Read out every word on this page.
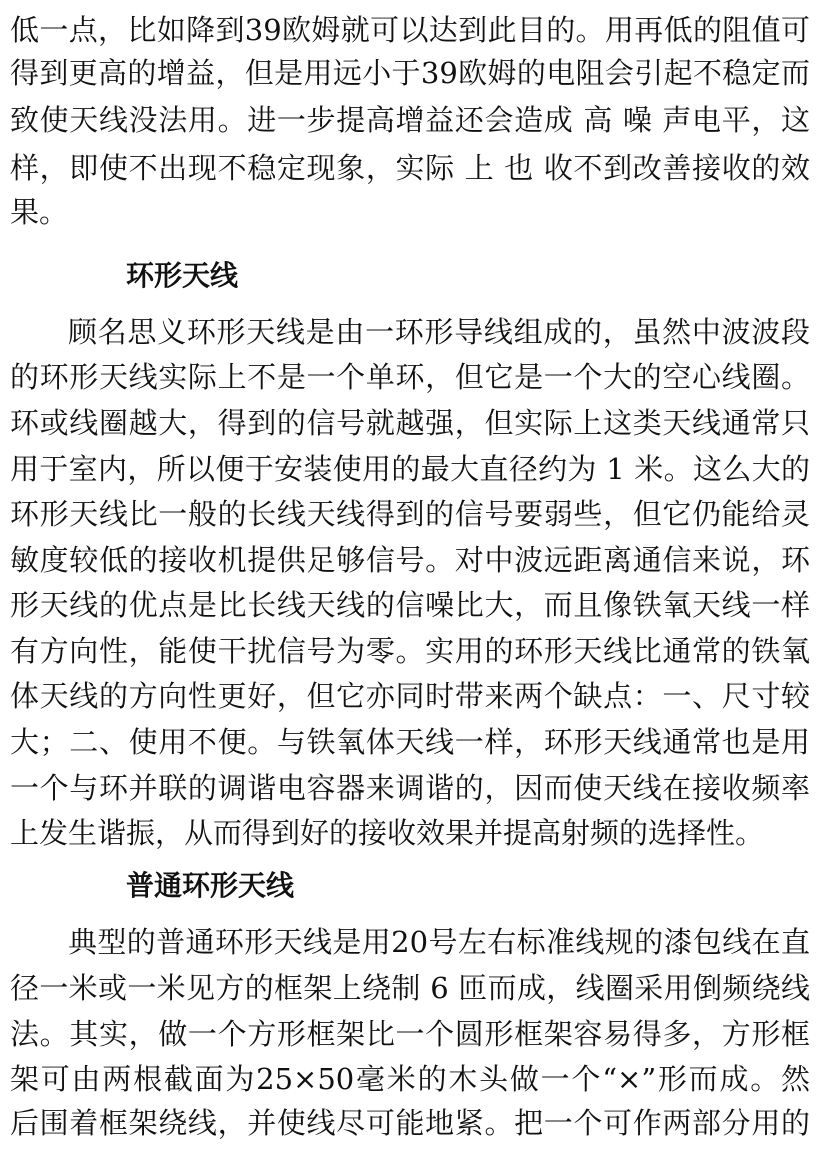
低一点，比如降到39欧姆就可以达到此目的。用再低的阻值可
得到更高的增益，但是用远小于39欧姆的电阻会引起不稳定而
致使天线没法用。进一步提高增益还会造成 高 噪 声电平，这
样，即使不出现不稳定现象，实际 上 也 收不到改善接收的效
果。
环形天线
顾名思义环形天线是由一环形导线组成的，虽然中波波段
的环形天线实际上不是一个单环，但它是一个大的空心线圈。
环或线圈越大，得到的信号就越强，但实际上这类天线通常只
用于室内，所以便于安装使用的最大直径约为 1 米。这么大的
环形天线比一般的长线天线得到的信号要弱些，但它仍能给灵
敏度较低的接收机提供足够信号。对中波远距离通信来说，环
形天线的优点是比长线天线的信噪比大，而且像铁氧天线一样
有方向性，能使干扰信号为零。实用的环形天线比通常的铁氧
体天线的方向性更好，但它亦同时带来两个缺点：一、尺寸较
大；二、使用不便。与铁氧体天线一样，环形天线通常也是用
一个与环并联的调谐电容器来调谐的，因而使天线在接收频率
上发生谐振，从而得到好的接收效果并提高射频的选择性。
普通环形天线
典型的普通环形天线是用20号左右标准线规的漆包线在直
径一米或一米见方的框架上绕制 6 匝而成，线圈采用倒频绕线
法。其实，做一个方形框架比一个圆形框架容易得多，方形框
架可由两根截面为25×50毫米的木头做一个“×”形而成。然
后围着框架绕线，并使线尽可能地紧。把一个可作两部分用的
